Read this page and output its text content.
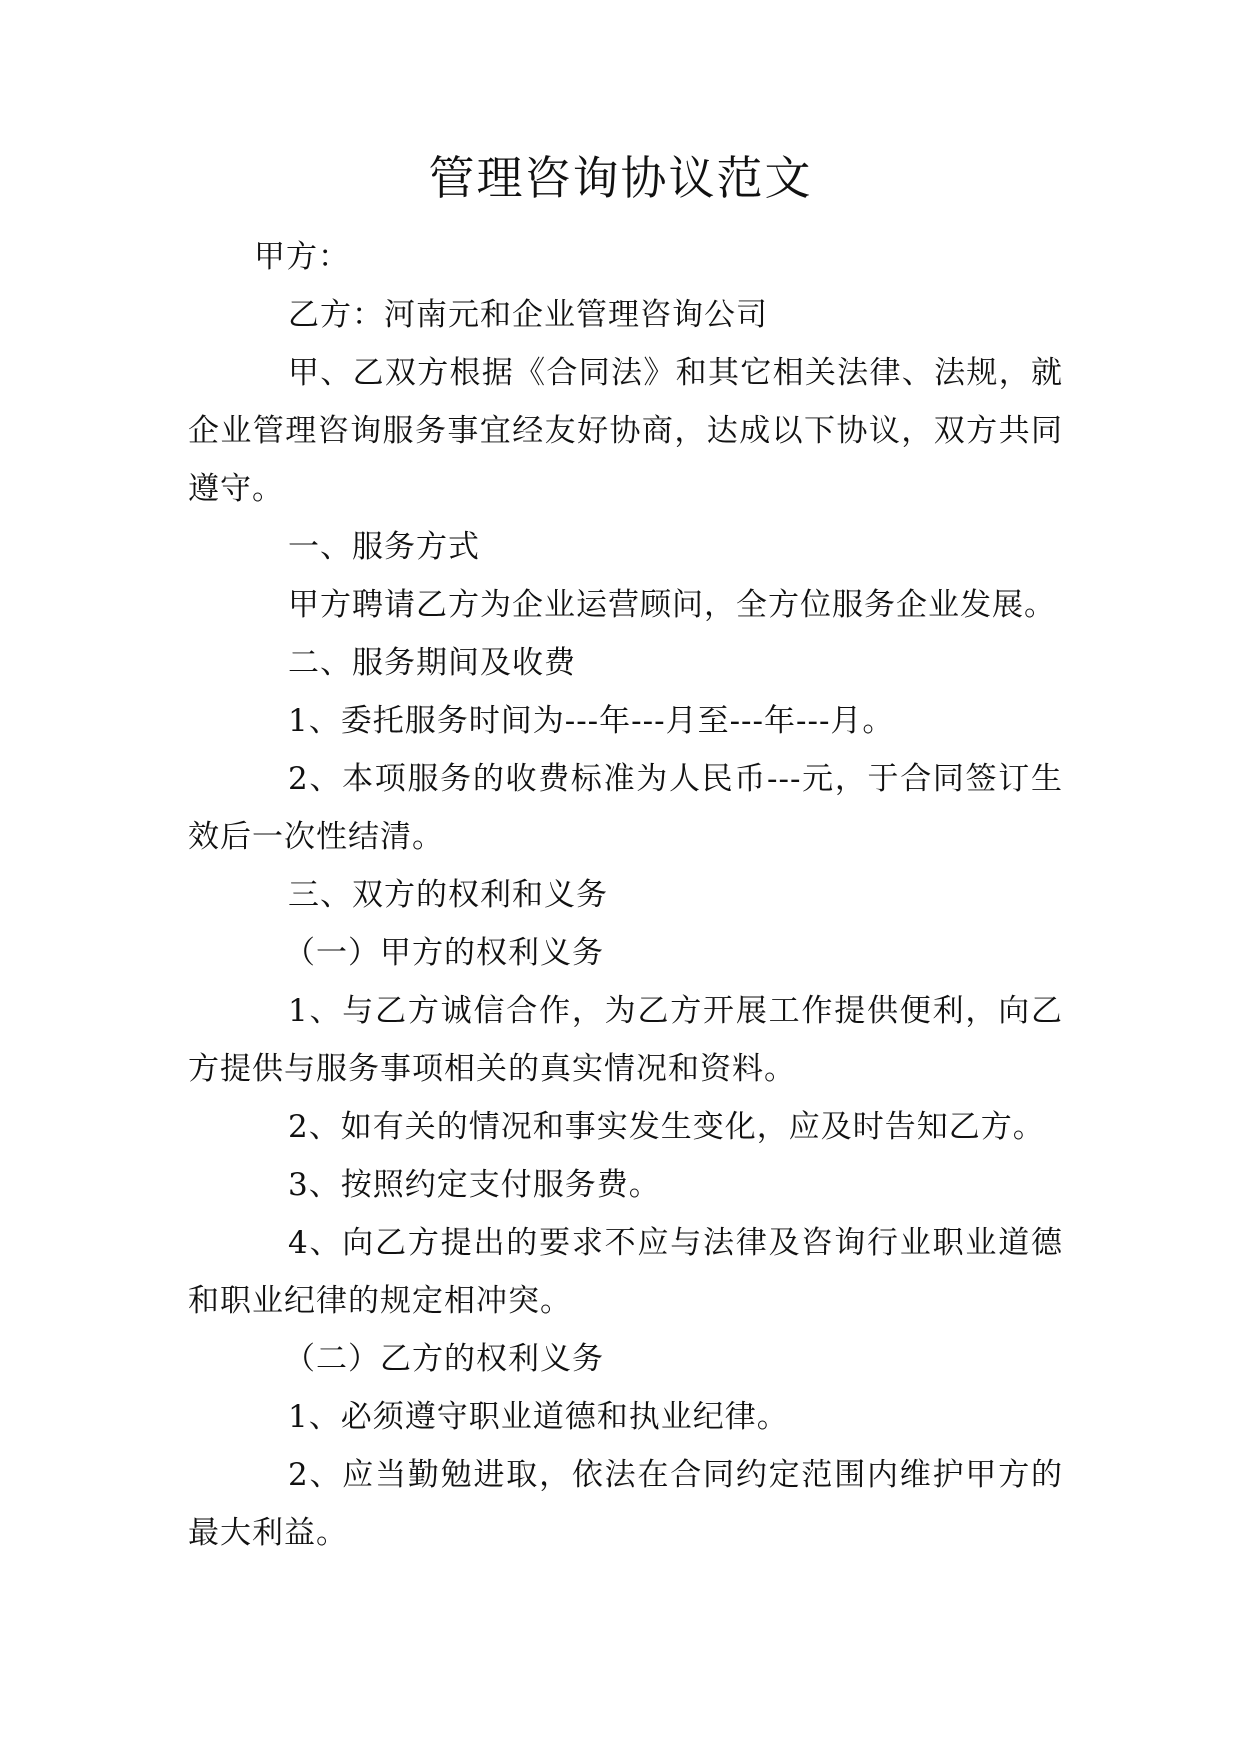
管理咨询协议范文

甲方：

乙方：河南元和企业管理咨询公司

甲、乙双方根据《合同法》和其它相关法律、法规，就企业管理咨询服务事宜经友好协商，达成以下协议，双方共同遵守。

一、服务方式

甲方聘请乙方为企业运营顾问，全方位服务企业发展。

二、服务期间及收费

1、委托服务时间为---年---月至---年---月。

2、本项服务的收费标准为人民币---元，于合同签订生效后一次性结清。

三、双方的权利和义务

（一）甲方的权利义务

1、与乙方诚信合作，为乙方开展工作提供便利，向乙方提供与服务事项相关的真实情况和资料。

2、如有关的情况和事实发生变化，应及时告知乙方。

3、按照约定支付服务费。

4、向乙方提出的要求不应与法律及咨询行业职业道德和职业纪律的规定相冲突。

（二）乙方的权利义务

1、必须遵守职业道德和执业纪律。

2、应当勤勉进取，依法在合同约定范围内维护甲方的最大利益。
